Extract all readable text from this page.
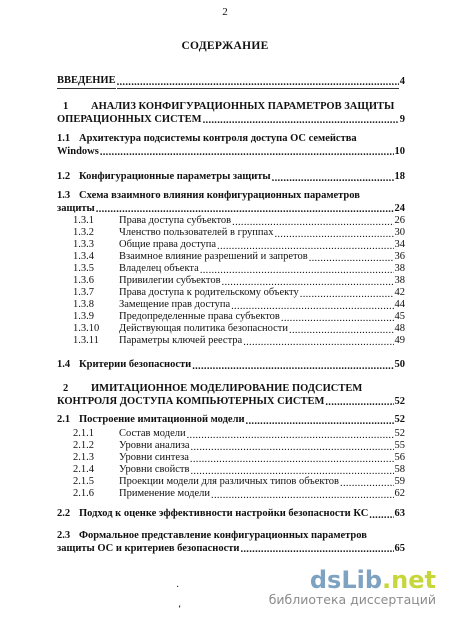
2
СОДЕРЖАНИЕ
ВВЕДЕНИЕ .....	4
1 АНАЛИЗ КОНФИГУРАЦИОННЫХ ПАРАМЕТРОВ ЗАЩИТЫ
ОПЕРАЦИОННЫХ СИСТЕМ .....	9
1.1 Архитектура подсистемы контроля доступа ОС семейства
Windows .....	10
1.2 Конфигурационные параметры защиты .....	18
1.3 Схема взаимного влияния конфигурационных параметров
защиты .....	24
1.3.1	Права доступа субъектов .....	26
1.3.2	Членство пользователей в группах .....	30
1.3.3	Общие права доступа .....	34
1.3.4	Взаимное влияние разрешений и запретов .....	36
1.3.5	Владелец объекта .....	38
1.3.6	Привилегии субъектов .....	38
1.3.7	Права доступа к родительскому объекту .....	42
1.3.8	Замещение прав доступа .....	44
1.3.9	Предопределенные права субъектов .....	45
1.3.10	Действующая политика безопасности .....	48
1.3.11	Параметры ключей реестра .....	49
1.4 Критерии безопасности .....	50
2 ИМИТАЦИОННОЕ МОДЕЛИРОВАНИЕ ПОДСИСТЕМ
КОНТРОЛЯ ДОСТУПА КОМПЬЮТЕРНЫХ СИСТЕМ .....	52
2.1 Построение имитационной модели .....	52
2.1.1	Состав модели .....	52
2.1.2	Уровни анализа .....	55
2.1.3	Уровни синтеза .....	56
2.1.4	Уровни свойств .....	58
2.1.5	Проекции модели для различных типов объектов .....	59
2.1.6	Применение модели .....	62
2.2 Подход к оценке эффективности настройки безопасности КС ..... 63
2.3 Формальное представление конфигурационных параметров
защиты ОС и критериев безопасности .....	65
·
‘
dsLib.net
библиотека диссертаций
